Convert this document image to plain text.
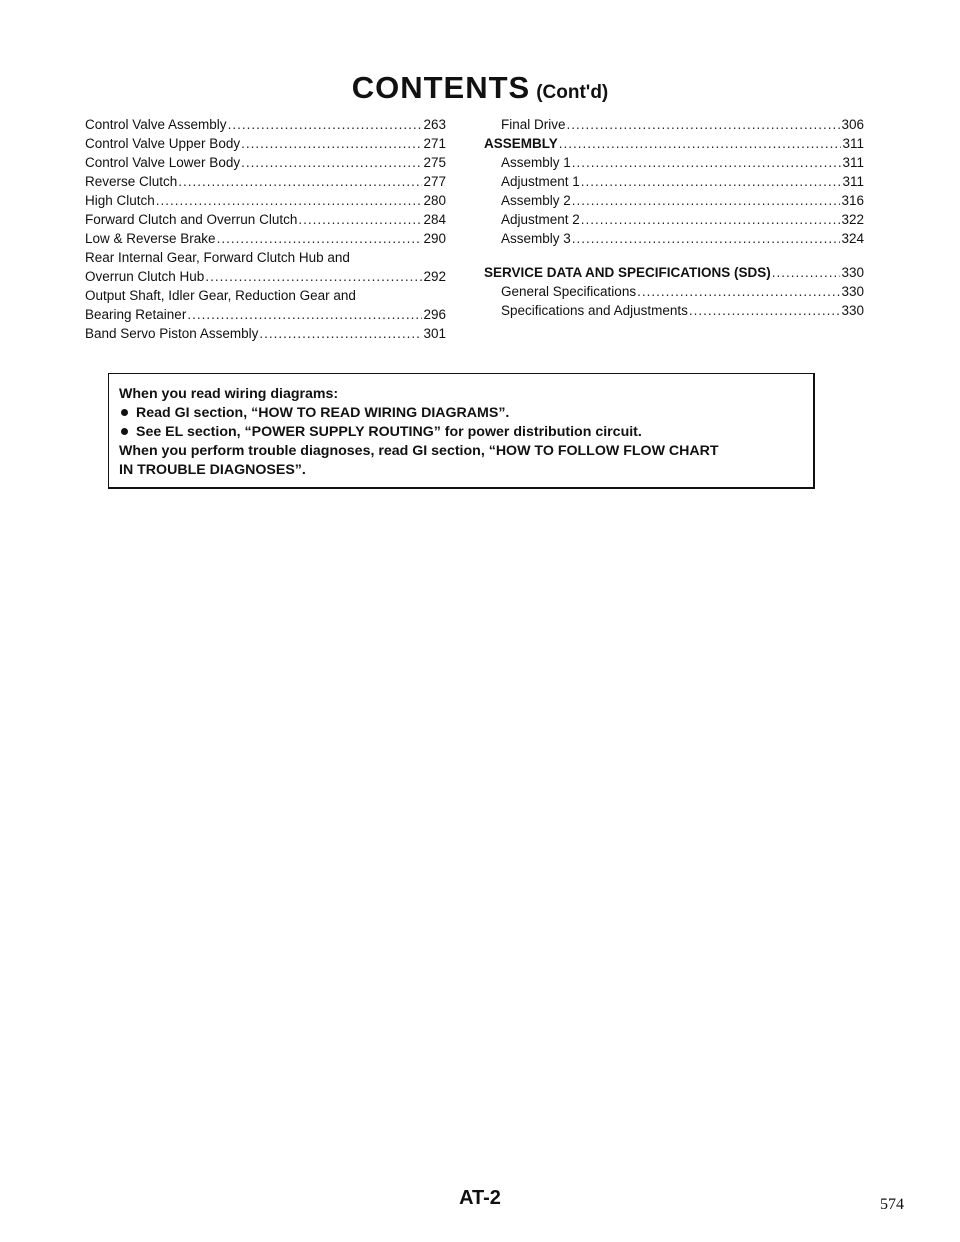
CONTENTS (Cont'd)
Control Valve Assembly .....	263
Control Valve Upper Body .....	271
Control Valve Lower Body .....	275
Reverse Clutch .....	277
High Clutch .....	280
Forward Clutch and Overrun Clutch .....	284
Low & Reverse Brake .....	290
Rear Internal Gear, Forward Clutch Hub and
Overrun Clutch Hub .....	292
Output Shaft, Idler Gear, Reduction Gear and
Bearing Retainer .....	296
Band Servo Piston Assembly .....	301
Final Drive .....	306
ASSEMBLY .....	311
Assembly 1 .....	311
Adjustment 1 .....	311
Assembly 2 .....	316
Adjustment 2 .....	322
Assembly 3 .....	324
SERVICE DATA AND SPECIFICATIONS (SDS) .....	330
General Specifications .....	330
Specifications and Adjustments .....	330
When you read wiring diagrams:
Read GI section, “HOW TO READ WIRING DIAGRAMS”.
See EL section, “POWER SUPPLY ROUTING” for power distribution circuit.
When you perform trouble diagnoses, read GI section, “HOW TO FOLLOW FLOW CHART
IN TROUBLE DIAGNOSES”.
AT-2	574
